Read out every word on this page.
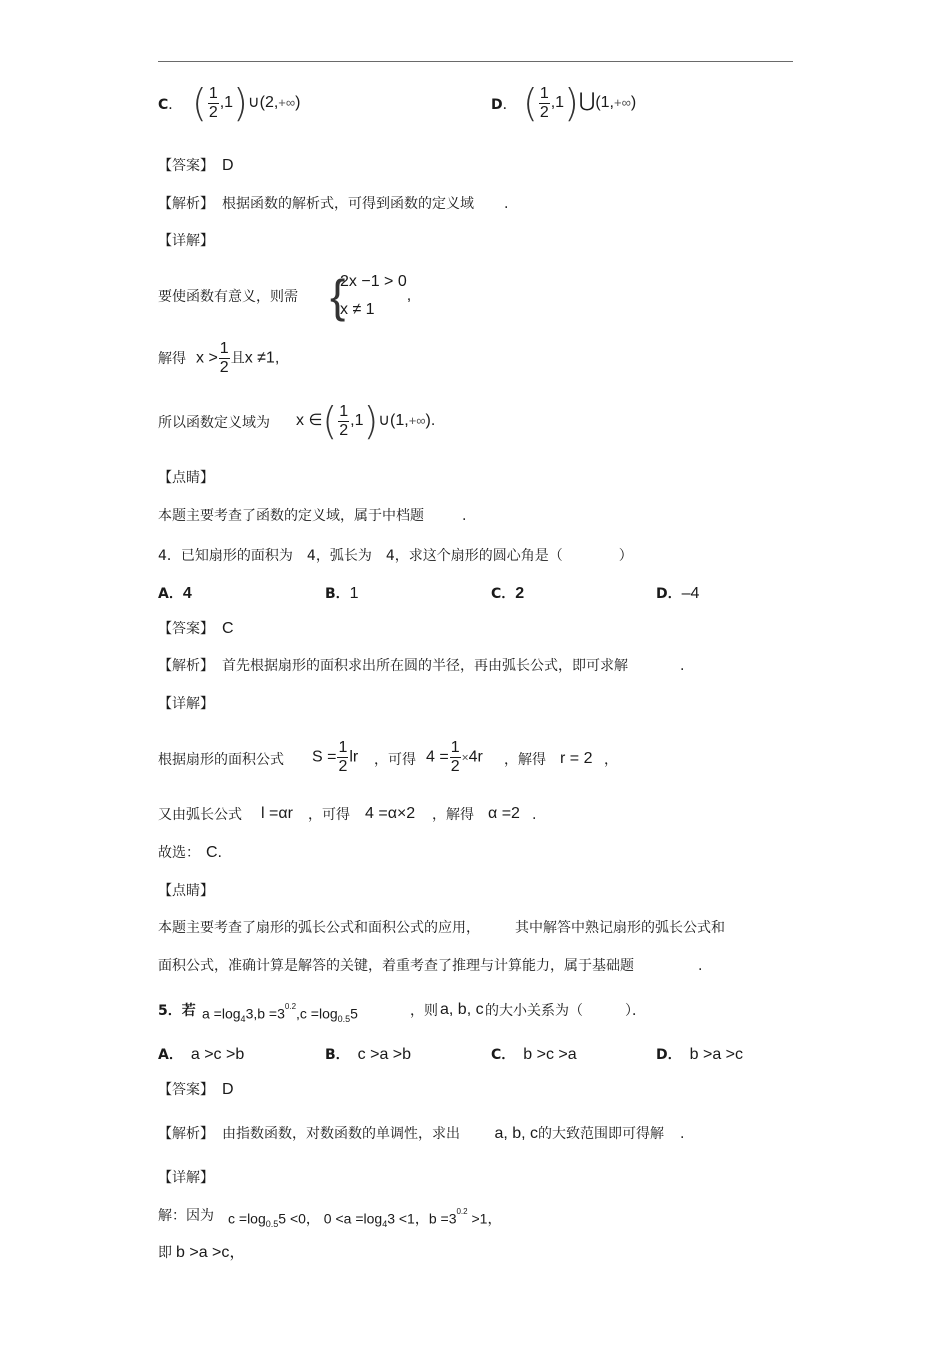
C． ( $\frac{1}{2}$ ,1)∪(2,+∞)	D． ( $\frac{1}{2}$ ,1)⋃(1,+∞)
【答案】 D
【解析】 根据函数的解析式，可得到函数的定义域 .
【详解】
要使函数有意义，则需 {
2x −1 > 0
x ≠ 1
,
解得 $x > \frac{1}{2}$ 且x ≠1,
所以函数定义域为 x ∈( $\frac{1}{2}$ ,1)∪(1,+∞).
【点睛】
本题主要考查了函数的定义域，属于中档题	.
4．已知扇形的面积为　4，弧长为　4，求这个扇形的圆心角是（　　　　）
A．4	B．1	C．2	D．–4
【答案】 C
【解析】 首先根据扇形的面积求出所在圆的半径，再由弧长公式，即可求解	.
【详解】
根据扇形的面积公式 $S = \frac{1}{2}$ lr ，可得 $4 = \frac{1}{2} \times 4r$ ，解得 r = 2 ，
又由弧长公式 l =αr ，可得 4 =α×2 ，解得 α =2 .
故选： C.
【点睛】
本题主要考查了扇形的弧长公式和面积公式的应用，　　　其中解答中熟记扇形的弧长公式和
面积公式，准确计算是解答的关键，着重考查了推理与计算能力，属于基础题	.
5．若 $a =\log_43,b =3^{0.2},c =\log_{0.5}5$	，则 a, b, c 的大小关系为（　　　）．
A． a >c >b	B． c >a >b	C． b >c >a	D． b >a >c
【答案】 D
【解析】 由指数函数，对数函数的单调性，求出 a, b, c的大致范围即可得解 .
【详解】
解：因为 $c =\log_{0.5}5 <0$， $0 <a =\log_43 <1$，$b =3^{0.2} >1$，
即 b >a >c，
